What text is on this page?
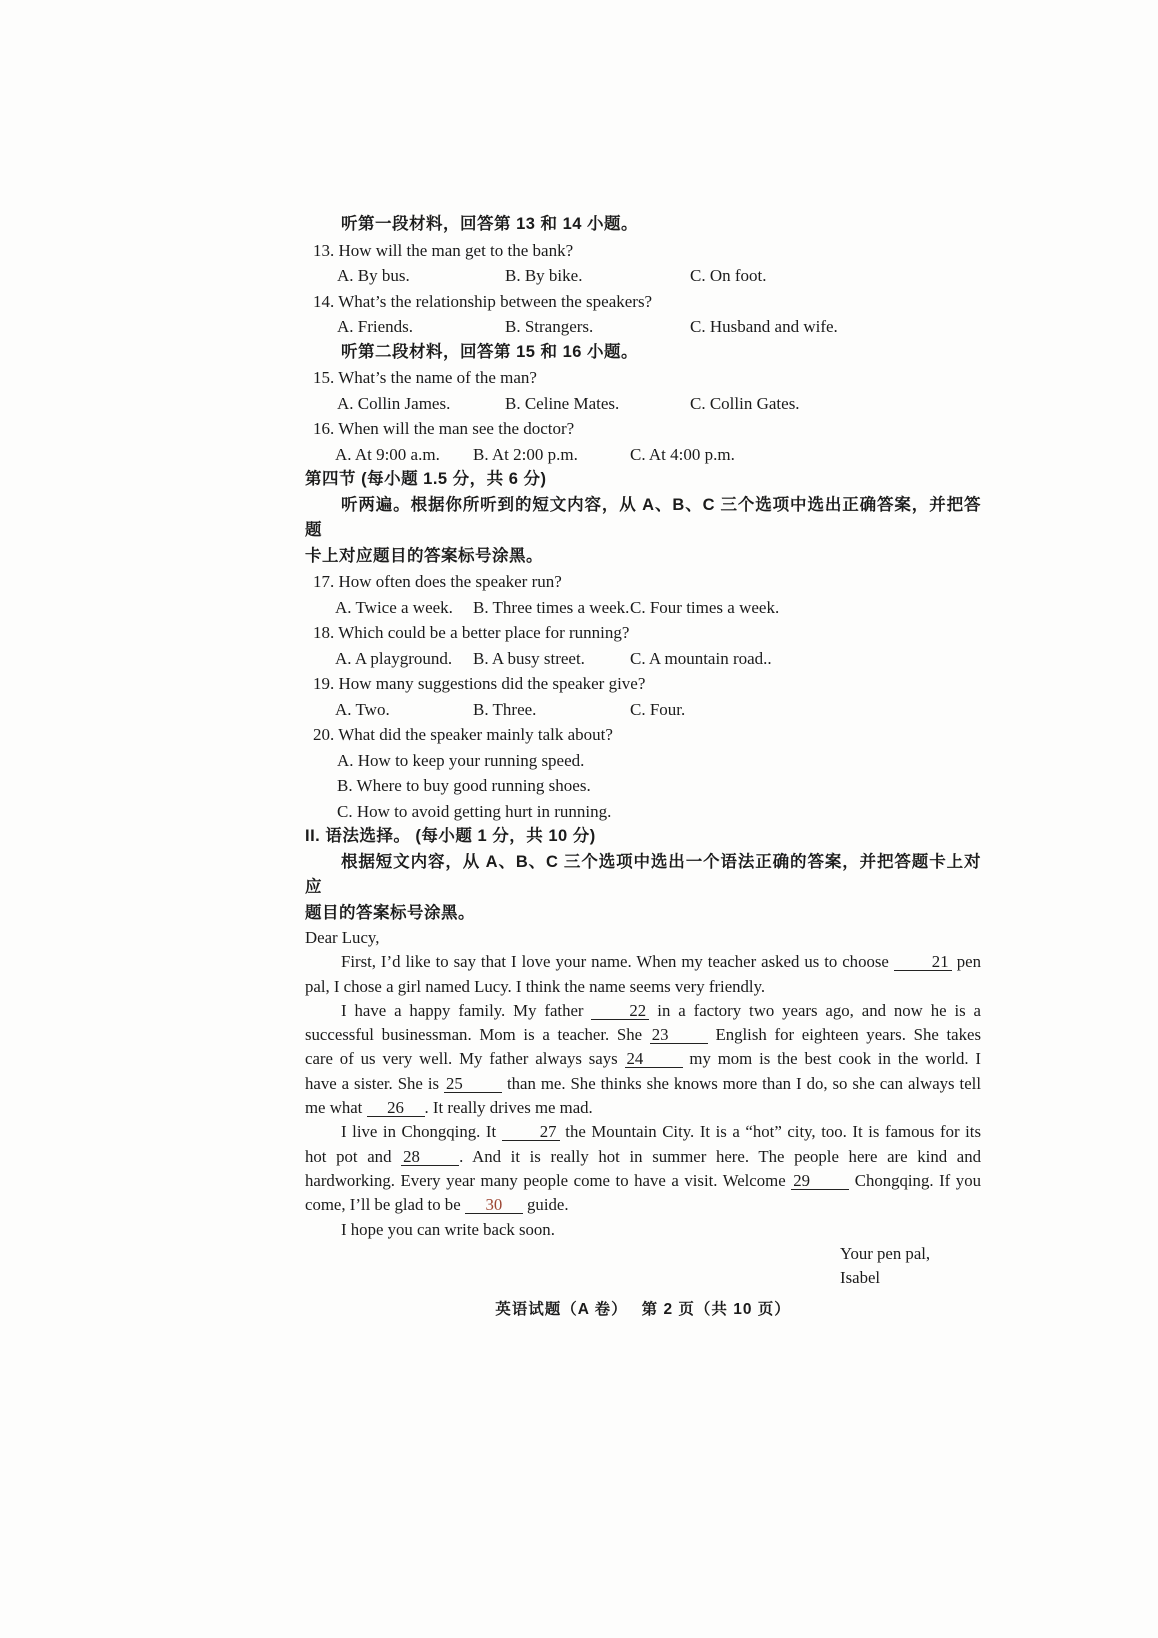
听第一段材料，回答第 13 和 14 小题。
13. How will the man get to the bank?
A. By bus.	B. By bike.	C. On foot.
14. What’s the relationship between the speakers?
A. Friends.	B. Strangers.	C. Husband and wife.
听第二段材料，回答第 15 和 16 小题。
15. What’s the name of the man?
A. Collin James.	B. Celine Mates.	C. Collin Gates.
16. When will the man see the doctor?
A. At 9:00 a.m. B. At 2:00 p.m.	C. At 4:00 p.m.
第四节 (每小题 1.5 分，共 6 分)
听两遍。根据你所听到的短文内容，从 A、B、C 三个选项中选出正确答案，并把答题
卡上对应题目的答案标号涂黑。
17. How often does the speaker run?
A. Twice a week. B. Three times a week. C. Four times a week.
18. Which could be a better place for running?
A. A playground. B. A busy street.	C. A mountain road..
19. How many suggestions did the speaker give?
A. Two.	B. Three.	C. Four.
20. What did the speaker mainly talk about?
A. How to keep your running speed.
B. Where to buy good running shoes.
C. How to avoid getting hurt in running.
II. 语法选择。 (每小题 1 分，共 10 分)
根据短文内容，从 A、B、C 三个选项中选出一个语法正确的答案，并把答题卡上对应
题目的答案标号涂黑。
Dear Lucy,
First, I’d like to say that I love your name. When my teacher asked us to choose 21 pen
pal, I chose a girl named Lucy. I think the name seems very friendly.
I have a happy family. My father 22 in a factory two years ago, and now he is a
successful businessman. Mom is a teacher. She 23 English for eighteen years. She takes
care of us very well. My father always says 24 my mom is the best cook in the world. I
have a sister. She is 25 than me. She thinks she knows more than I do, so she can always tell
me what 26 . It really drives me mad.
I live in Chongqing. It 27 the Mountain City. It is a “hot” city, too. It is famous for its
hot pot and 28 . And it is really hot in summer here. The people here are kind and
hardworking. Every year many people come to have a visit. Welcome 29 Chongqing. If you
come, I’ll be glad to be 30 guide.
I hope you can write back soon.
Your pen pal,
Isabel
英语试题（A 卷）　 第 2 页（共 10 页）
